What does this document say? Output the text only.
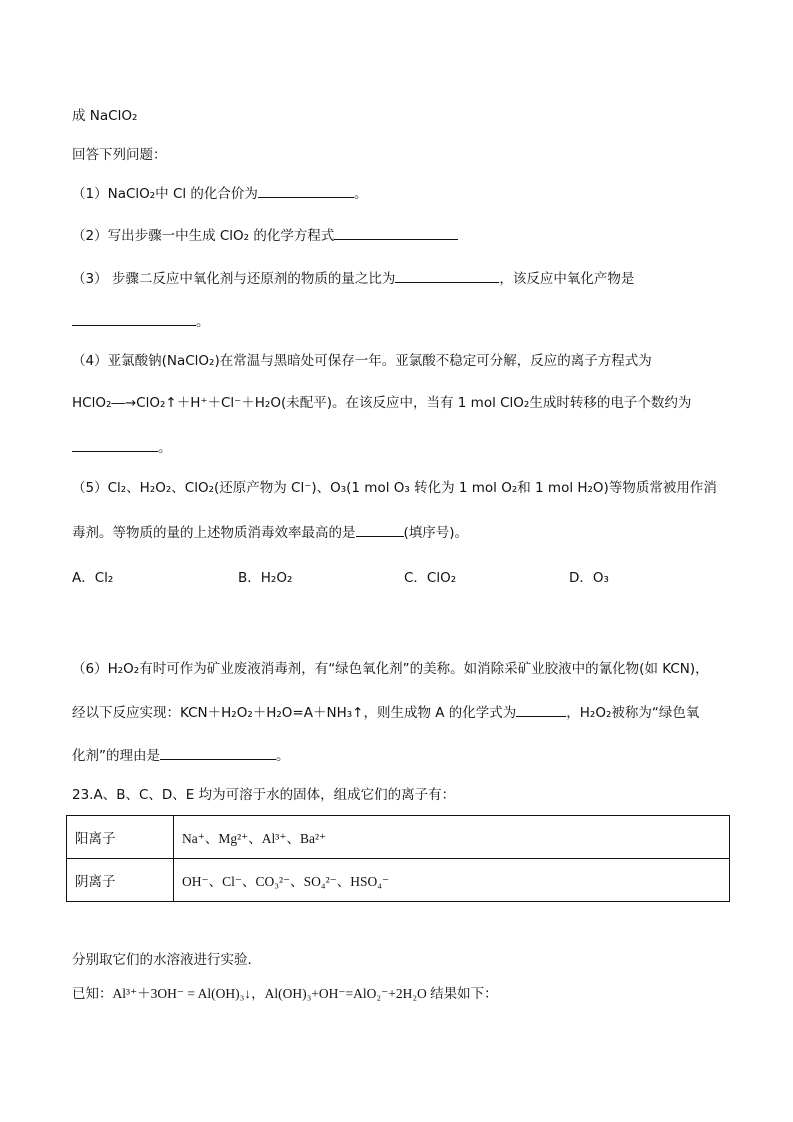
成 NaClO₂
回答下列问题：
（1）NaClO₂中 Cl 的化合价为	。
（2）写出步骤一中生成 ClO₂ 的化学方程式
（3） 步骤二反应中氧化剂与还原剂的物质的量之比为	，该反应中氧化产物是
。
（4）亚氯酸钠(NaClO₂)在常温与黑暗处可保存一年。亚氯酸不稳定可分解，反应的离子方程式为
HClO₂―→ClO₂↑＋H⁺＋Cl⁻＋H₂O(未配平)。在该反应中，当有 1 mol ClO₂生成时转移的电子个数约为
。
（5）Cl₂、H₂O₂、ClO₂(还原产物为 Cl⁻)、O₃(1 mol O₃ 转化为 1 mol O₂和 1 mol H₂O)等物质常被用作消
毒剂。等物质的量的上述物质消毒效率最高的是	(填序号)。
A．Cl₂	B．H₂O₂	C．ClO₂	D．O₃
（6）H₂O₂有时可作为矿业废液消毒剂，有“绿色氧化剂”的美称。如消除采矿业胶液中的氰化物(如 KCN)，
经以下反应实现：KCN＋H₂O₂＋H₂O=A＋NH₃↑，则生成物 A 的化学式为	，H₂O₂被称为“绿色氧
化剂”的理由是	。
23.A、B、C、D、E 均为可溶于水的固体，组成它们的离子有：
阳离子	Na⁺、Mg²⁺、Al³⁺、Ba²⁺
阴离子	OH⁻、Cl⁻、CO₃²⁻、SO₄²⁻、HSO₄⁻
分别取它们的水溶液进行实验．
已知：Al³⁺＋3OH⁻ = Al(OH)₃↓，Al(OH)₃+OH⁻=AlO₂⁻+2H₂O 结果如下：
